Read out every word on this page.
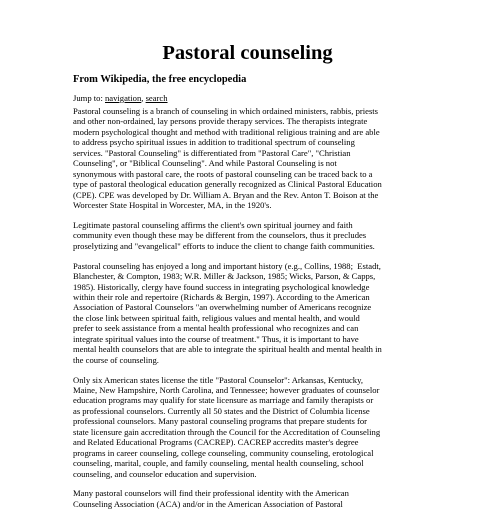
Pastoral counseling
From Wikipedia, the free encyclopedia

Jump to: navigation, search

Pastoral counseling is a branch of counseling in which ordained ministers, rabbis, priests
and other non-ordained, lay persons provide therapy services. The therapists integrate
modern psychological thought and method with traditional religious training and are able
to address psycho spiritual issues in addition to traditional spectrum of counseling
services. "Pastoral Counseling" is differentiated from "Pastoral Care", "Christian
Counseling", or "Biblical Counseling". And while Pastoral Counseling is not
synonymous with pastoral care, the roots of pastoral counseling can be traced back to a
type of pastoral theological education generally recognized as Clinical Pastoral Education
(CPE). CPE was developed by Dr. William A. Bryan and the Rev. Anton T. Boison at the
Worcester State Hospital in Worcester, MA, in the 1920's.
Legitimate pastoral counseling affirms the client's own spiritual journey and faith
community even though these may be different from the counselors, thus it precludes
proselytizing and "evangelical" efforts to induce the client to change faith communities.
Pastoral counseling has enjoyed a long and important history (e.g., Collins, 1988;  Estadt,
Blanchester, & Compton, 1983; W.R. Miller & Jackson, 1985; Wicks, Parson, & Capps,
1985). Historically, clergy have found success in integrating psychological knowledge
within their role and repertoire (Richards & Bergin, 1997). According to the American
Association of Pastoral Counselors "an overwhelming number of Americans recognize
the close link between spiritual faith, religious values and mental health, and would
prefer to seek assistance from a mental health professional who recognizes and can
integrate spiritual values into the course of treatment." Thus, it is important to have
mental health counselors that are able to integrate the spiritual health and mental health in
the course of counseling.
Only six American states license the title "Pastoral Counselor": Arkansas, Kentucky,
Maine, New Hampshire, North Carolina, and Tennessee; however graduates of counselor
education programs may qualify for state licensure as marriage and family therapists or
as professional counselors. Currently all 50 states and the District of Columbia license
professional counselors. Many pastoral counseling programs that prepare students for
state licensure gain accreditation through the Council for the Accreditation of Counseling
and Related Educational Programs (CACREP). CACREP accredits master's degree
programs in career counseling, college counseling, community counseling, erotological
counseling, marital, couple, and family counseling, mental health counseling, school
counseling, and counselor education and supervision.
Many pastoral counselors will find their professional identity with the American
Counseling Association (ACA) and/or in the American Association of Pastoral
